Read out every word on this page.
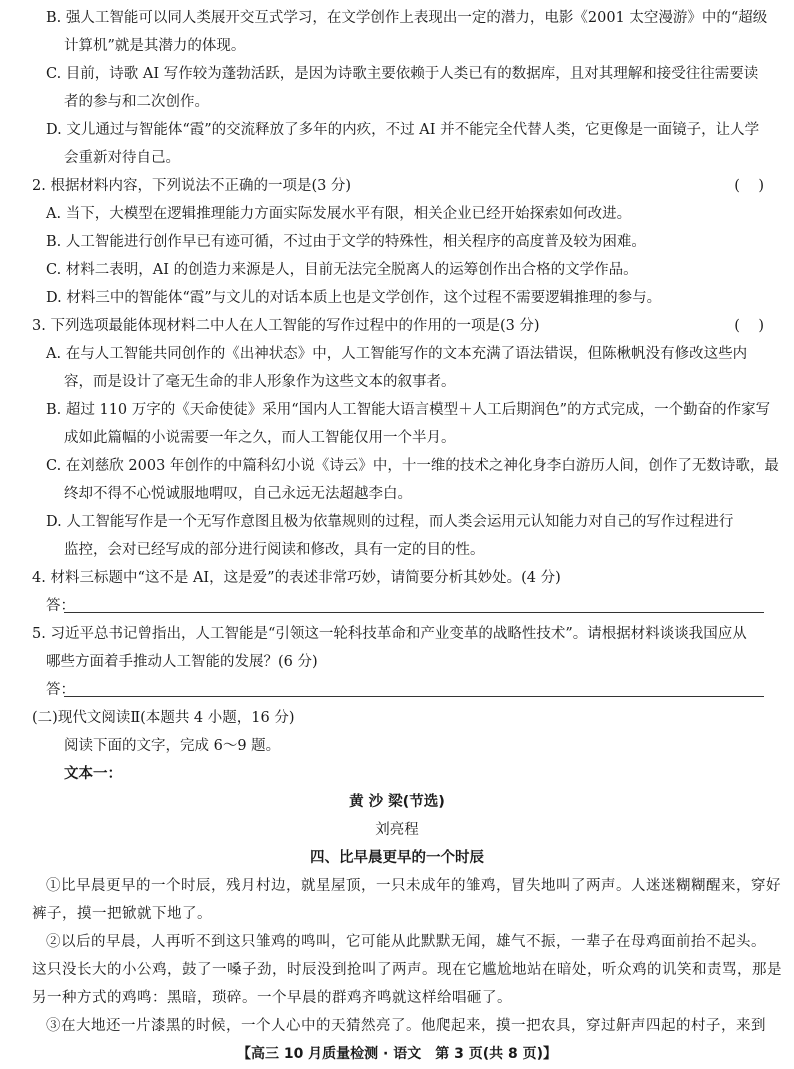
B. 强人工智能可以同人类展开交互式学习，在文学创作上表现出一定的潜力，电影《2001 太空漫游》中的“超级
计算机”就是其潜力的体现。
C. 目前，诗歌 AI 写作较为蓬勃活跃，是因为诗歌主要依赖于人类已有的数据库，且对其理解和接受往往需要读
者的参与和二次创作。
D. 文儿通过与智能体“霞”的交流释放了多年的内疚，不过 AI 并不能完全代替人类，它更像是一面镜子，让人学
会重新对待自己。
2. 根据材料内容，下列说法不正确的一项是(3 分)	(    )
A. 当下，大模型在逻辑推理能力方面实际发展水平有限，相关企业已经开始探索如何改进。
B. 人工智能进行创作早已有迹可循，不过由于文学的特殊性，相关程序的高度普及较为困难。
C. 材料二表明，AI 的创造力来源是人，目前无法完全脱离人的运筹创作出合格的文学作品。
D. 材料三中的智能体“霞”与文儿的对话本质上也是文学创作，这个过程不需要逻辑推理的参与。
3. 下列选项最能体现材料二中人在人工智能的写作过程中的作用的一项是(3 分)	(    )
A. 在与人工智能共同创作的《出神状态》中，人工智能写作的文本充满了语法错误，但陈楸帆没有修改这些内
容，而是设计了毫无生命的非人形象作为这些文本的叙事者。
B. 超过 110 万字的《天命使徒》采用“国内人工智能大语言模型＋人工后期润色”的方式完成，一个勤奋的作家写
成如此篇幅的小说需要一年之久，而人工智能仅用一个半月。
C. 在刘慈欣 2003 年创作的中篇科幻小说《诗云》中，十一维的技术之神化身李白游历人间，创作了无数诗歌，最
终却不得不心悦诚服地喟叹，自己永远无法超越李白。
D. 人工智能写作是一个无写作意图且极为依靠规则的过程，而人类会运用元认知能力对自己的写作过程进行
监控，会对已经写成的部分进行阅读和修改，具有一定的目的性。
4. 材料三标题中“这不是 AI，这是爱”的表述非常巧妙，请简要分析其妙处。(4 分)
答：
5. 习近平总书记曾指出，人工智能是“引领这一轮科技革命和产业变革的战略性技术”。请根据材料谈谈我国应从
哪些方面着手推动人工智能的发展？(6 分)
答：
(二)现代文阅读Ⅱ(本题共 4 小题，16 分)
阅读下面的文字，完成 6～9 题。
文本一：
黄 沙 梁(节选)
刘亮程
四、比早晨更早的一个时辰
①比早晨更早的一个时辰，残月村边，就星屋顶，一只未成年的雏鸡，冒失地叫了两声。人迷迷糊糊醒来，穿好
裤子，摸一把锨就下地了。
②以后的早晨，人再听不到这只雏鸡的鸣叫，它可能从此默默无闻，雄气不振，一辈子在母鸡面前抬不起头。
这只没长大的小公鸡，鼓了一嗓子劲，时辰没到抢叫了两声。现在它尴尬地站在暗处，听众鸡的讥笑和责骂，那是
另一种方式的鸡鸣：黑暗，琐碎。一个早晨的群鸡齐鸣就这样给唱砸了。
③在大地还一片漆黑的时候，一个人心中的天猜然亮了。他爬起来，摸一把农具，穿过鼾声四起的村子，来到
【高三 10 月质量检测 · 语文　第 3 页(共 8 页)】
